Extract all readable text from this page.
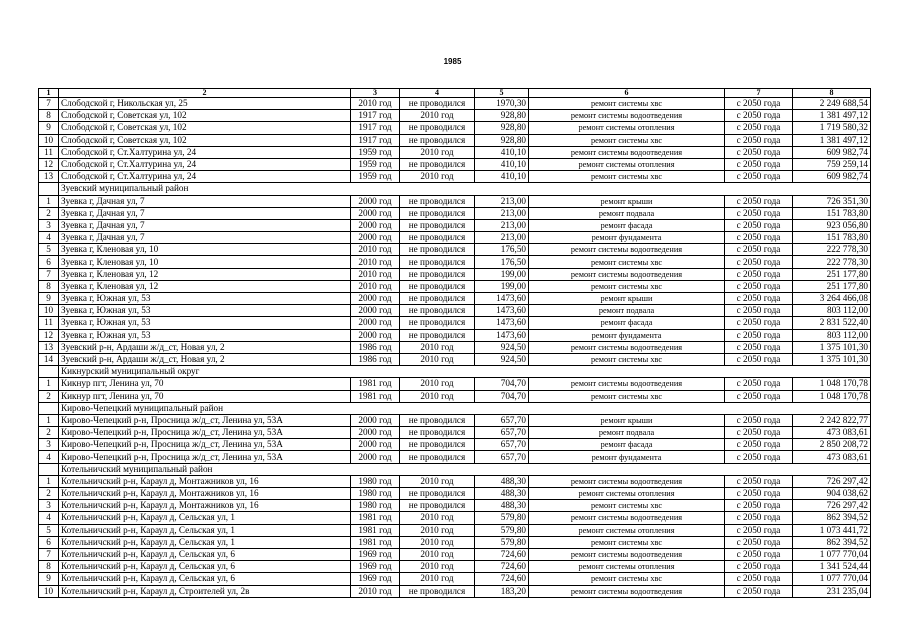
1985
1	2	3	4	5	6	7	8
7	Слободской г, Никольская ул, 25	2010 год	не проводился	1970,30	ремонт системы хвс	с 2050 года	2 249 688,54
8	Слободской г, Советская ул, 102	1917 год	2010 год	928,80	ремонт системы водоотведения	с 2050 года	1 381 497,12
9	Слободской г, Советская ул, 102	1917 год	не проводился	928,80	ремонт системы отопления	с 2050 года	1 719 580,32
10	Слободской г, Советская ул, 102	1917 год	не проводился	928,80	ремонт системы хвс	с 2050 года	1 381 497,12
11	Слободской г, Ст.Халтурина ул, 24	1959 год	2010 год	410,10	ремонт системы водоотведения	с 2050 года	609 982,74
12	Слободской г, Ст.Халтурина ул, 24	1959 год	не проводился	410,10	ремонт системы отопления	с 2050 года	759 259,14
13	Слободской г, Ст.Халтурина ул, 24	1959 год	2010 год	410,10	ремонт системы хвс	с 2050 года	609 982,74
	Зуевский муниципальный район						
1	Зуевка г, Дачная ул, 7	2000 год	не проводился	213,00	ремонт крыши	с 2050 года	726 351,30
2	Зуевка г, Дачная ул, 7	2000 год	не проводился	213,00	ремонт подвала	с 2050 года	151 783,80
3	Зуевка г, Дачная ул, 7	2000 год	не проводился	213,00	ремонт фасада	с 2050 года	923 056,80
4	Зуевка г, Дачная ул, 7	2000 год	не проводился	213,00	ремонт фундамента	с 2050 года	151 783,80
5	Зуевка г, Кленовая ул, 10	2010 год	не проводился	176,50	ремонт системы водоотведения	с 2050 года	222 778,30
6	Зуевка г, Кленовая ул, 10	2010 год	не проводился	176,50	ремонт системы хвс	с 2050 года	222 778,30
7	Зуевка г, Кленовая ул, 12	2010 год	не проводился	199,00	ремонт системы водоотведения	с 2050 года	251 177,80
8	Зуевка г, Кленовая ул, 12	2010 год	не проводился	199,00	ремонт системы хвс	с 2050 года	251 177,80
9	Зуевка г, Южная ул, 53	2000 год	не проводился	1473,60	ремонт крыши	с 2050 года	3 264 466,08
10	Зуевка г, Южная ул, 53	2000 год	не проводился	1473,60	ремонт подвала	с 2050 года	803 112,00
11	Зуевка г, Южная ул, 53	2000 год	не проводился	1473,60	ремонт фасада	с 2050 года	2 831 522,40
12	Зуевка г, Южная ул, 53	2000 год	не проводился	1473,60	ремонт фундамента	с 2050 года	803 112,00
13	Зуевский р-н, Ардаши ж/д_ст, Новая ул, 2	1986 год	2010 год	924,50	ремонт системы водоотведения	с 2050 года	1 375 101,30
14	Зуевский р-н, Ардаши ж/д_ст, Новая ул, 2	1986 год	2010 год	924,50	ремонт системы хвс	с 2050 года	1 375 101,30
	Кикнурский муниципальный округ						
1	Кикнур пгт, Ленина ул, 70	1981 год	2010 год	704,70	ремонт системы водоотведения	с 2050 года	1 048 170,78
2	Кикнур пгт, Ленина ул, 70	1981 год	2010 год	704,70	ремонт системы хвс	с 2050 года	1 048 170,78
	Кирово-Чепецкий муниципальный район						
1	Кирово-Чепецкий р-н, Просница ж/д_ст, Ленина ул, 53А	2000 год	не проводился	657,70	ремонт крыши	с 2050 года	2 242 822,77
2	Кирово-Чепецкий р-н, Просница ж/д_ст, Ленина ул, 53А	2000 год	не проводился	657,70	ремонт подвала	с 2050 года	473 083,61
3	Кирово-Чепецкий р-н, Просница ж/д_ст, Ленина ул, 53А	2000 год	не проводился	657,70	ремонт фасада	с 2050 года	2 850 208,72
4	Кирово-Чепецкий р-н, Просница ж/д_ст, Ленина ул, 53А	2000 год	не проводился	657,70	ремонт фундамента	с 2050 года	473 083,61
	Котельничский муниципальный район						
1	Котельничский р-н, Караул д, Монтажников ул, 16	1980 год	2010 год	488,30	ремонт системы водоотведения	с 2050 года	726 297,42
2	Котельничский р-н, Караул д, Монтажников ул, 16	1980 год	не проводился	488,30	ремонт системы отопления	с 2050 года	904 038,62
3	Котельничский р-н, Караул д, Монтажников ул, 16	1980 год	не проводился	488,30	ремонт системы хвс	с 2050 года	726 297,42
4	Котельничский р-н, Караул д, Сельская ул, 1	1981 год	2010 год	579,80	ремонт системы водоотведения	с 2050 года	862 394,52
5	Котельничский р-н, Караул д, Сельская ул, 1	1981 год	2010 год	579,80	ремонт системы отопления	с 2050 года	1 073 441,72
6	Котельничский р-н, Караул д, Сельская ул, 1	1981 год	2010 год	579,80	ремонт системы хвс	с 2050 года	862 394,52
7	Котельничский р-н, Караул д, Сельская ул, 6	1969 год	2010 год	724,60	ремонт системы водоотведения	с 2050 года	1 077 770,04
8	Котельничский р-н, Караул д, Сельская ул, 6	1969 год	2010 год	724,60	ремонт системы отопления	с 2050 года	1 341 524,44
9	Котельничский р-н, Караул д, Сельская ул, 6	1969 год	2010 год	724,60	ремонт системы хвс	с 2050 года	1 077 770,04
10	Котельничский р-н, Караул д, Строителей ул, 2в	2010 год	не проводился	183,20	ремонт системы водоотведения	с 2050 года	231 235,04
